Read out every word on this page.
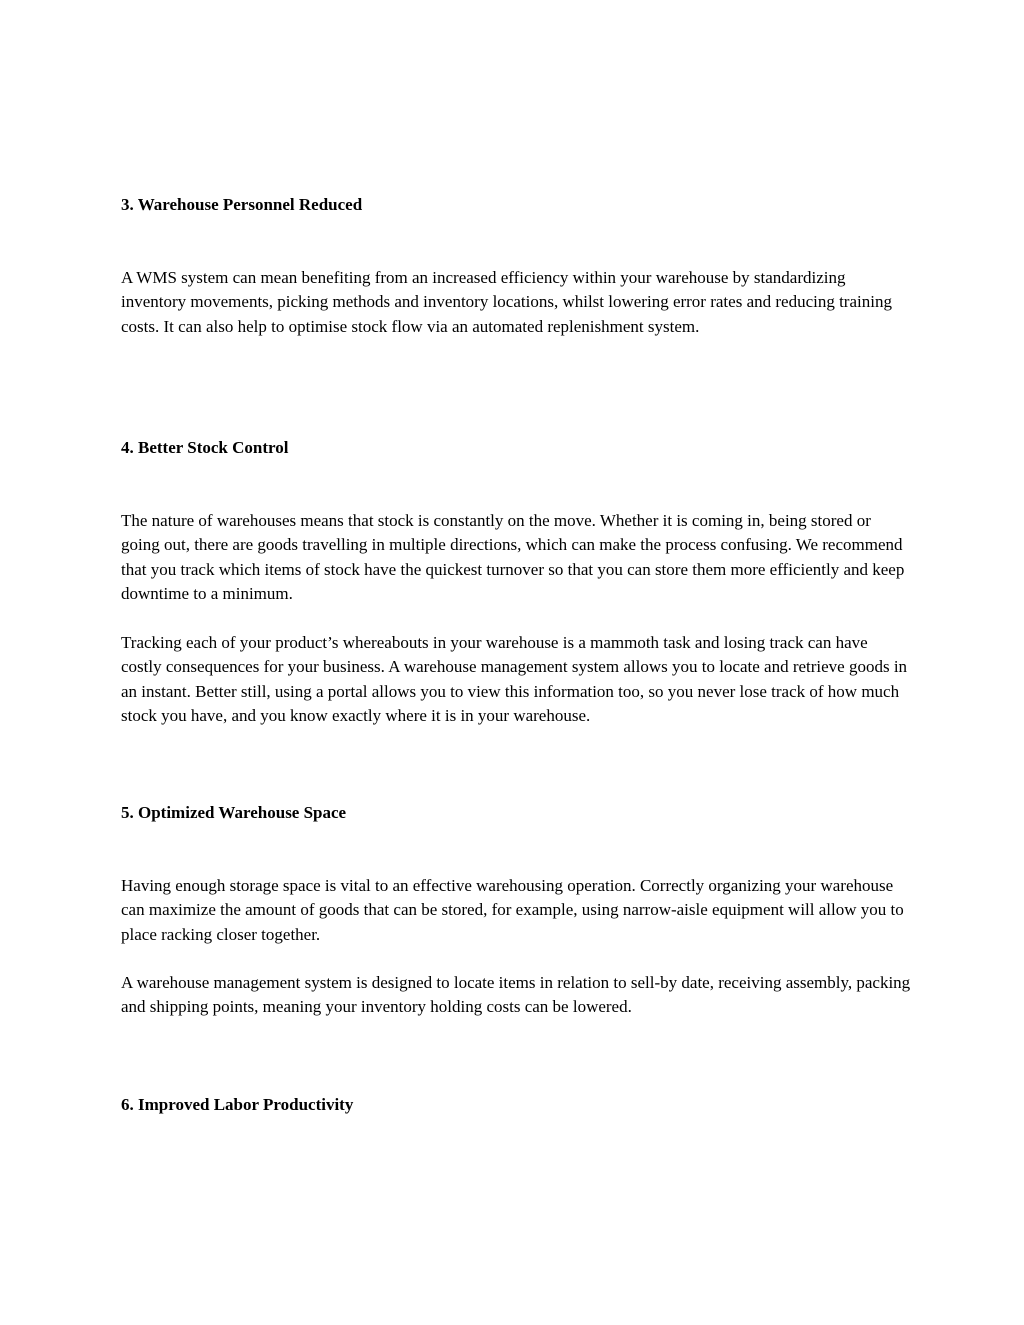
3. Warehouse Personnel Reduced

A WMS system can mean benefiting from an increased efficiency within your warehouse by standardizing inventory movements, picking methods and inventory locations, whilst lowering error rates and reducing training costs. It can also help to optimise stock flow via an automated replenishment system.

4. Better Stock Control

The nature of warehouses means that stock is constantly on the move. Whether it is coming in, being stored or going out, there are goods travelling in multiple directions, which can make the process confusing. We recommend that you track which items of stock have the quickest turnover so that you can store them more efficiently and keep downtime to a minimum.

Tracking each of your product’s whereabouts in your warehouse is a mammoth task and losing track can have costly consequences for your business. A warehouse management system allows you to locate and retrieve goods in an instant. Better still, using a portal allows you to view this information too, so you never lose track of how much stock you have, and you know exactly where it is in your warehouse.

5. Optimized Warehouse Space

Having enough storage space is vital to an effective warehousing operation. Correctly organizing your warehouse can maximize the amount of goods that can be stored, for example, using narrow-aisle equipment will allow you to place racking closer together.

A warehouse management system is designed to locate items in relation to sell-by date, receiving assembly, packing and shipping points, meaning your inventory holding costs can be lowered.

6. Improved Labor Productivity
